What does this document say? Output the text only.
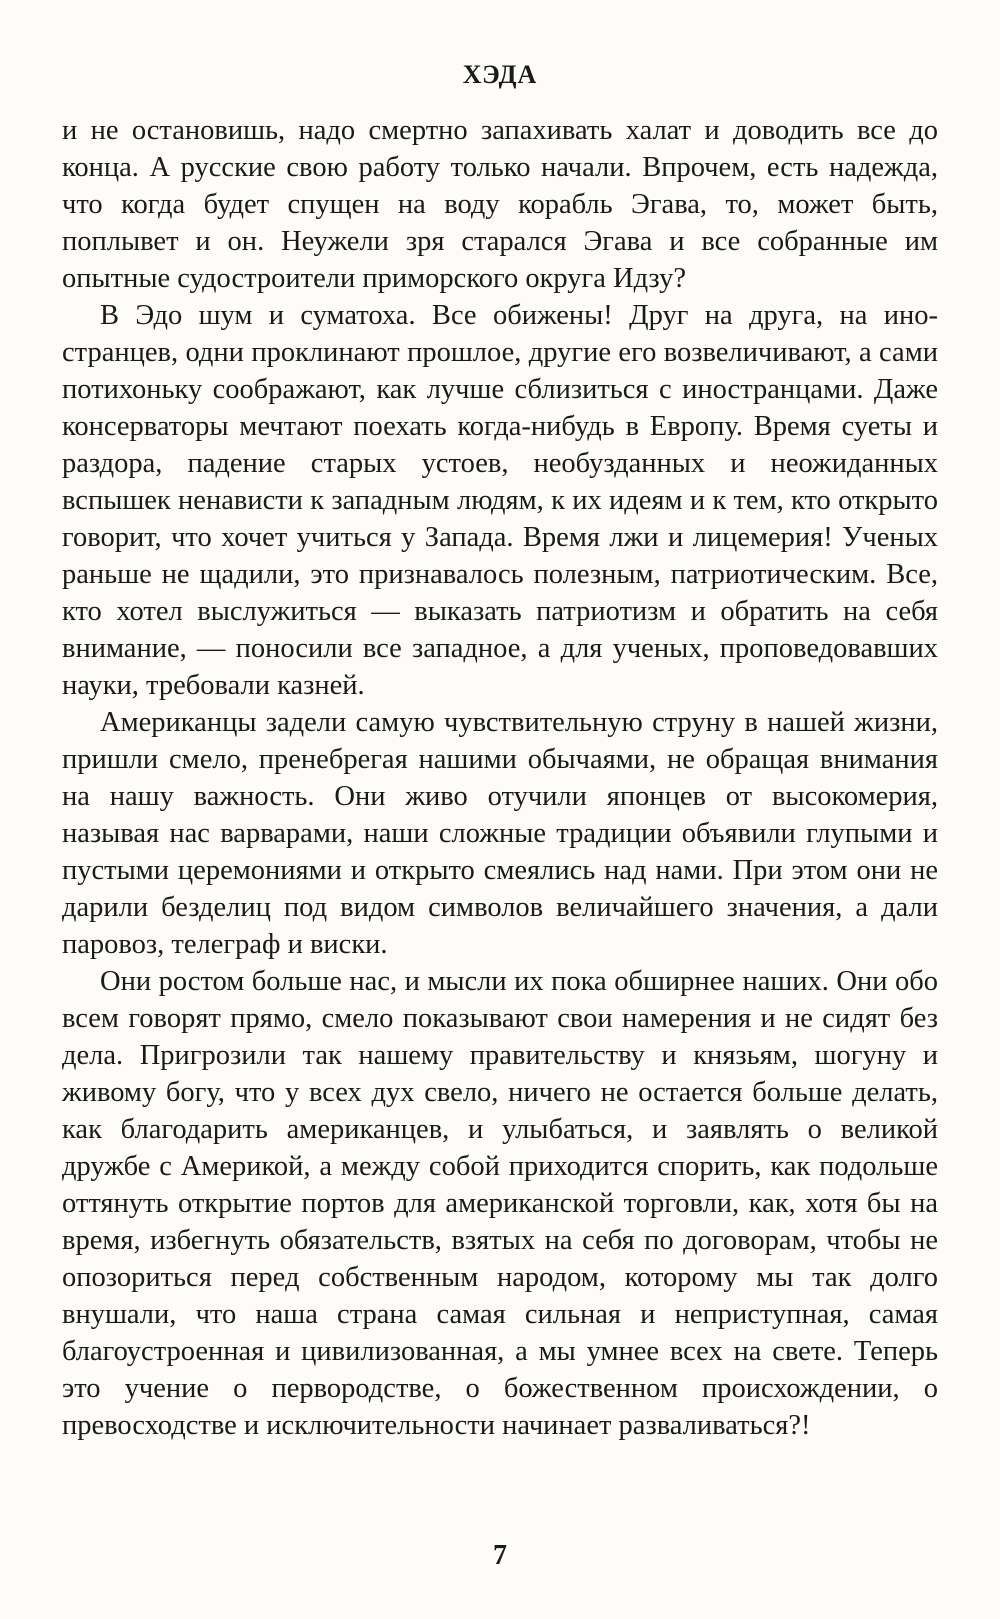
ХЭДА

и не остановишь, надо смертно запахивать халат и доводить все до конца. А русские свою работу только начали. Впрочем, есть надежда, что когда будет спущен на воду корабль Эгава, то, может быть, поплывет и он. Неужели зря старался Эгава и все собранные им опытные судостроители приморского округа Идзу?

В Эдо шум и суматоха. Все обижены! Друг на друга, на иностранцев, одни проклинают прошлое, другие его возвеличивают, а сами потихоньку соображают, как лучше сблизиться с иностранцами. Даже консерваторы мечтают поехать когда-нибудь в Европу. Время суеты и раздора, падение старых устоев, необузданных и неожиданных вспышек ненависти к западным людям, к их идеям и к тем, кто открыто говорит, что хочет учиться у Запада. Время лжи и лицемерия! Ученых раньше не щадили, это признавалось полезным, патриотическим. Все, кто хотел выслужиться — выказать патриотизм и обратить на себя внимание, — поносили все западное, а для ученых, проповедовавших науки, требовали казней.

Американцы задели самую чувствительную струну в нашей жизни, пришли смело, пренебрегая нашими обычаями, не обращая внимания на нашу важность. Они живо отучили японцев от высокомерия, называя нас варварами, наши сложные традиции объявили глупыми и пустыми церемониями и открыто смеялись над нами. При этом они не дарили безделиц под видом символов величайшего значения, а дали паровоз, телеграф и виски.

Они ростом больше нас, и мысли их пока обширнее наших. Они обо всем говорят прямо, смело показывают свои намерения и не сидят без дела. Пригрозили так нашему правительству и князьям, шогуну и живому богу, что у всех дух свело, ничего не остается больше делать, как благодарить американцев, и улыбаться, и заявлять о великой дружбе с Америкой, а между собой приходится спорить, как подольше оттянуть открытие портов для американской торговли, как, хотя бы на время, избегнуть обязательств, взятых на себя по договорам, чтобы не опозориться перед собственным народом, которому мы так долго внушали, что наша страна самая сильная и неприступная, самая благоустроенная и цивилизованная, а мы умнее всех на свете. Теперь это учение о первородстве, о божественном происхождении, о превосходстве и исключительности начинает разваливаться?!

7
